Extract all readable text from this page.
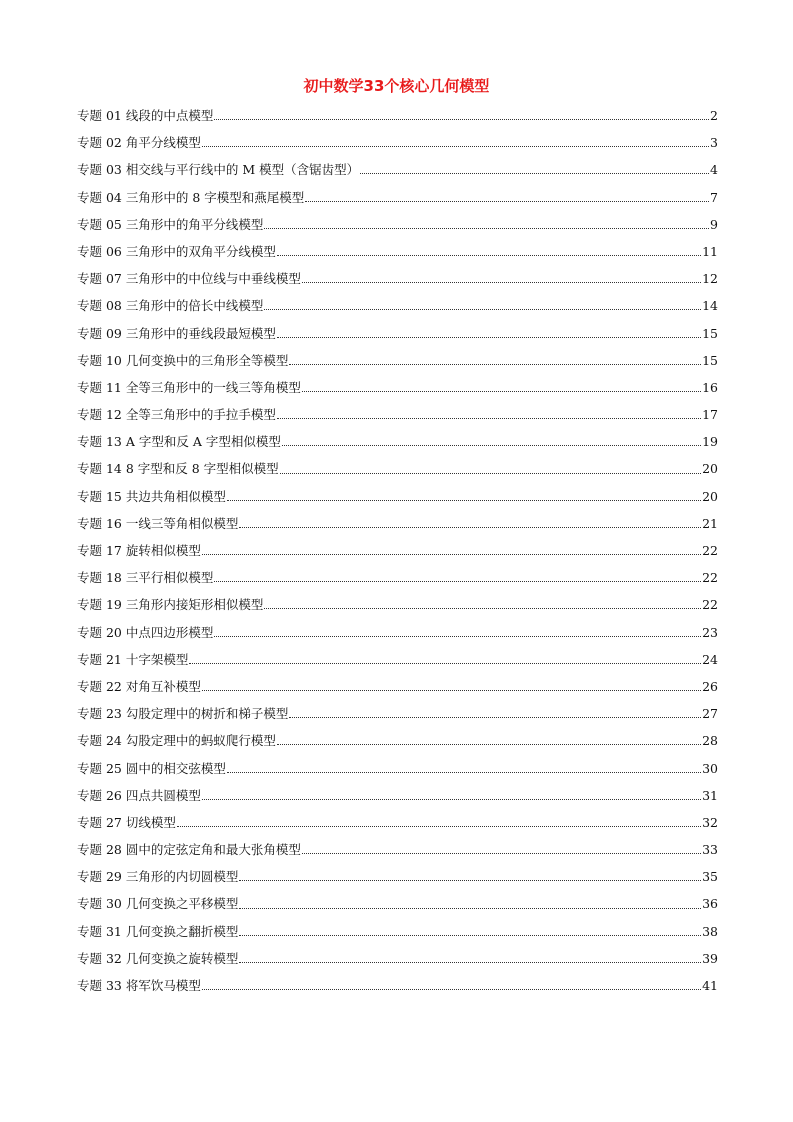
初中数学33个核心几何模型
专题 01 线段的中点模型	2
专题 02 角平分线模型	3
专题 03 相交线与平行线中的 M 模型（含锯齿型）	4
专题 04 三角形中的 8 字模型和燕尾模型	7
专题 05 三角形中的角平分线模型	9
专题 06 三角形中的双角平分线模型	11
专题 07 三角形中的中位线与中垂线模型	12
专题 08 三角形中的倍长中线模型	14
专题 09 三角形中的垂线段最短模型	15
专题 10 几何变换中的三角形全等模型	15
专题 11 全等三角形中的一线三等角模型	16
专题 12 全等三角形中的手拉手模型	17
专题 13 A 字型和反 A 字型相似模型	19
专题 14 8 字型和反 8 字型相似模型	20
专题 15 共边共角相似模型	20
专题 16 一线三等角相似模型	21
专题 17 旋转相似模型	22
专题 18 三平行相似模型	22
专题 19 三角形内接矩形相似模型	22
专题 20 中点四边形模型	23
专题 21 十字架模型	24
专题 22 对角互补模型	26
专题 23 勾股定理中的树折和梯子模型	27
专题 24 勾股定理中的蚂蚁爬行模型	28
专题 25 圆中的相交弦模型	30
专题 26 四点共圆模型	31
专题 27 切线模型	32
专题 28 圆中的定弦定角和最大张角模型	33
专题 29 三角形的内切圆模型	35
专题 30 几何变换之平移模型	36
专题 31 几何变换之翻折模型	38
专题 32 几何变换之旋转模型	39
专题 33 将军饮马模型	41
